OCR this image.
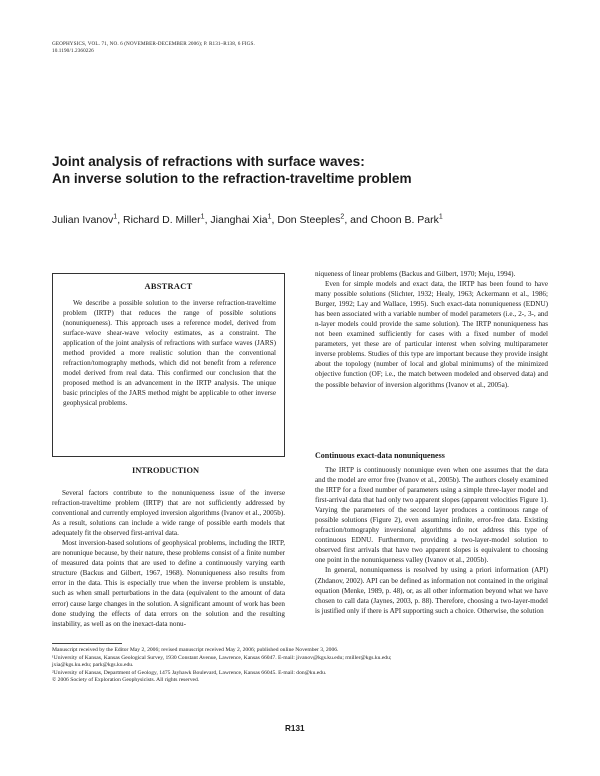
GEOPHYSICS, VOL. 71, NO. 6 (NOVEMBER-DECEMBER 2006); P. R131–R138, 6 FIGS.
10.1190/1.2360226
Joint analysis of refractions with surface waves:
An inverse solution to the refraction-traveltime problem
Julian Ivanov$^1$, Richard D. Miller$^1$, Jianghai Xia$^1$, Don Steeples$^2$, and Choon B. Park$^1$
ABSTRACT
We describe a possible solution to the inverse refraction-traveltime problem (IRTP) that reduces the range of possible solutions (nonuniqueness). This approach uses a reference model, derived from surface-wave shear-wave velocity estimates, as a constraint. The application of the joint analysis of refractions with surface waves (JARS) method provided a more realistic solution than the conventional refraction/tomography methods, which did not benefit from a reference model derived from real data. This confirmed our conclusion that the proposed method is an advancement in the IRTP analysis. The unique basic principles of the JARS method might be applicable to other inverse geophysical problems.
INTRODUCTION

Several factors contribute to the nonuniqueness issue of the inverse refraction-traveltime problem (IRTP) that are not sufficiently addressed by conventional and currently employed inversion algorithms (Ivanov et al., 2005b). As a result, solutions can include a wide range of possible earth models that adequately fit the observed first-arrival data.

Most inversion-based solutions of geophysical problems, including the IRTP, are nonunique because, by their nature, these problems consist of a finite number of measured data points that are used to define a continuously varying earth structure (Backus and Gilbert, 1967, 1968). Nonuniqueness also results from error in the data. This is especially true when the inverse problem is unstable, such as when small perturbations in the data (equivalent to the amount of data error) cause large changes in the solution. A significant amount of work has been done studying the effects of data errors on the solution and the resulting instability, as well as on the inexact-data nonu-

niqueness of linear problems (Backus and Gilbert, 1970; Meju, 1994).

Even for simple models and exact data, the IRTP has been found to have many possible solutions (Slichter, 1932; Healy, 1963; Ackermann et al., 1986; Burger, 1992; Lay and Wallace, 1995). Such exact-data nonuniqueness (EDNU) has been associated with a variable number of model parameters (i.e., 2-, 3-, and n-layer models could provide the same solution). The IRTP nonuniqueness has not been examined sufficiently for cases with a fixed number of model parameters, yet these are of particular interest when solving multiparameter inverse problems. Studies of this type are important because they provide insight about the topology (number of local and global minimums) of the minimized objective function (OF; i.e., the match between modeled and observed data) and the possible behavior of inversion algorithms (Ivanov et al., 2005a).

Continuous exact-data nonuniqueness

The IRTP is continuously nonunique even when one assumes that the data and the model are error free (Ivanov et al., 2005b). The authors closely examined the IRTP for a fixed number of parameters using a simple three-layer model and first-arrival data that had only two apparent slopes (apparent velocities Figure 1). Varying the parameters of the second layer produces a continuous range of possible solutions (Figure 2), even assuming infinite, error-free data. Existing refraction/tomography inversional algorithms do not address this type of continuous EDNU. Furthermore, providing a two-layer-model solution to observed first arrivals that have two apparent slopes is equivalent to choosing one point in the nonuniqueness valley (Ivanov et al., 2005b).

In general, nonuniqueness is resolved by using a priori information (API) (Zhdanov, 2002). API can be defined as information not contained in the original equation (Menke, 1989, p. 48), or, as all other information beyond what we have chosen to call data (Jaynes, 2003, p. 88). Therefore, choosing a two-layer-model is justified only if there is API supporting such a choice. Otherwise, the solution

Manuscript received by the Editor May 2, 2006; revised manuscript received May 2, 2006; published online November 3, 2006.
¹University of Kansas, Kansas Geological Survey, 1930 Constant Avenue, Lawrence, Kansas 66047. E-mail: jivanov@kgs.ku.edu; rmiller@kgs.ku.edu;
jxia@kgs.ku.edu; park@kgs.ku.edu.
²University of Kansas, Department of Geology, 1475 Jayhawk Boulevard, Lawrence, Kansas 66045. E-mail: don@ku.edu.
© 2006 Society of Exploration Geophysicists. All rights reserved.
R131
